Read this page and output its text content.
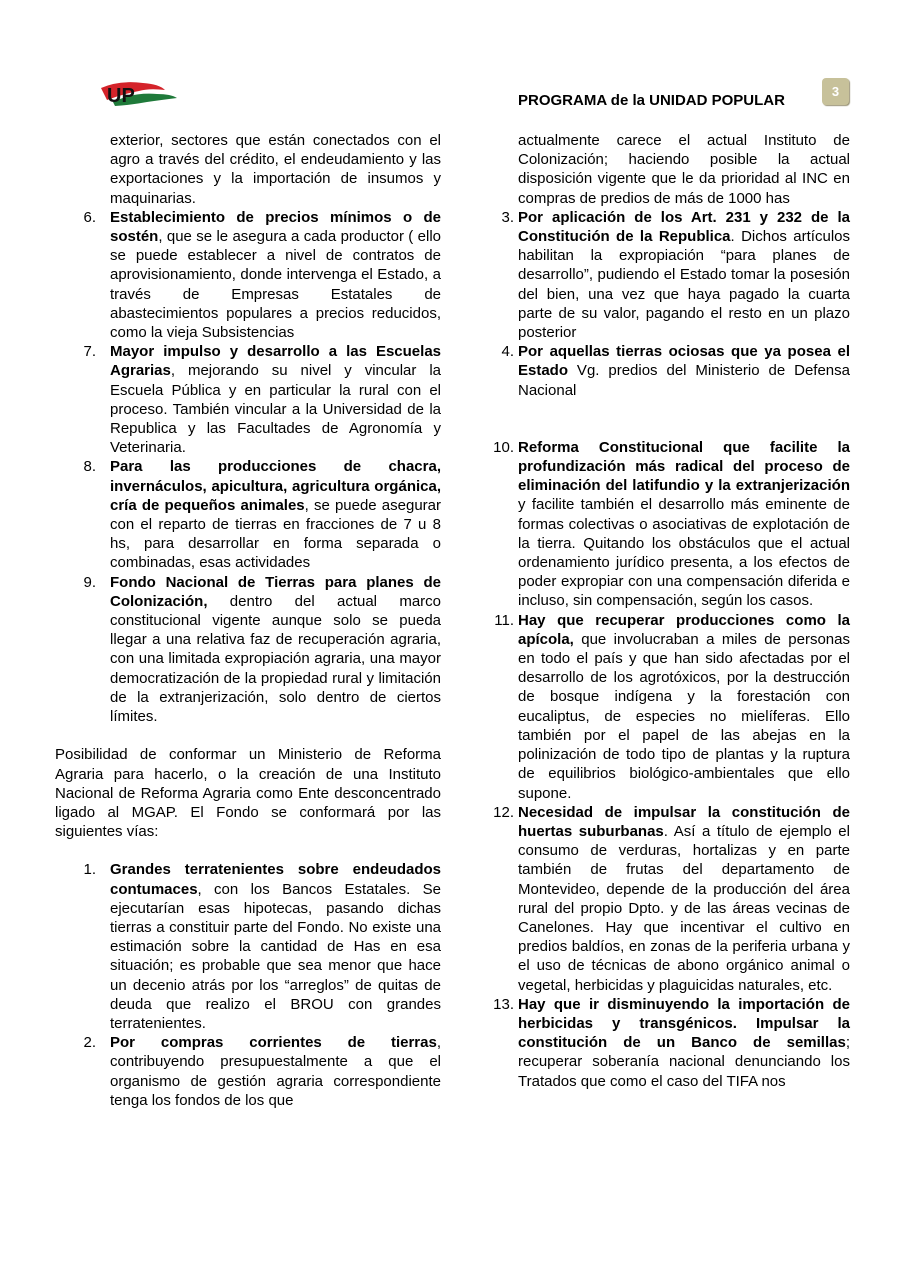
UP	PROGRAMA de la UNIDAD POPULAR
3
exterior, sectores que están conectados con el agro a través del crédito, el endeudamiento y las exportaciones y la importación de insumos y maquinarias.
6. Establecimiento de precios mínimos o de sostén, que se le asegura a cada productor ( ello se puede establecer a nivel de contratos de aprovisionamiento, donde intervenga el Estado, a través de Empresas Estatales de abastecimientos populares a precios reducidos, como la vieja Subsistencias
7. Mayor impulso y desarrollo a las Escuelas Agrarias, mejorando su nivel y vincular la Escuela Pública y en particular la rural con el proceso. También vincular a la Universidad de la Republica y las Facultades de Agronomía y Veterinaria.
8. Para las producciones de chacra, invernáculos, apicultura, agricultura orgánica, cría de pequeños animales, se puede asegurar con el reparto de tierras en fracciones de 7 u 8 hs, para desarrollar en forma separada o combinadas, esas actividades
9. Fondo Nacional de Tierras para planes de Colonización, dentro del actual marco constitucional vigente aunque solo se pueda llegar a una relativa faz de recuperación agraria, con una limitada expropiación agraria, una mayor democratización de la propiedad rural y limitación de la extranjerización, solo dentro de ciertos límites.
Posibilidad de conformar un Ministerio de Reforma Agraria para hacerlo, o la creación de una Instituto Nacional de Reforma Agraria como Ente desconcentrado ligado al MGAP. El Fondo se conformará por las siguientes vías:
1. Grandes terratenientes sobre endeudados contumaces, con los Bancos Estatales. Se ejecutarían esas hipotecas, pasando dichas tierras a constituir parte del Fondo. No existe una estimación sobre la cantidad de Has en esa situación; es probable que sea menor que hace un decenio atrás por los “arreglos” de quitas de deuda que realizo el BROU con grandes terratenientes.
2. Por compras corrientes de tierras, contribuyendo presupuestalmente a que el organismo de gestión agraria correspondiente tenga los fondos de los que
actualmente carece el actual Instituto de Colonización; haciendo posible la actual disposición vigente que le da prioridad al INC en compras de predios de más de 1000 has
3. Por aplicación de los Art. 231 y 232 de la Constitución de la Republica. Dichos artículos habilitan la expropiación “para planes de desarrollo”, pudiendo el Estado tomar la posesión del bien, una vez que haya pagado la cuarta parte de su valor, pagando el resto en un plazo posterior
4. Por aquellas tierras ociosas que ya posea el Estado Vg. predios del Ministerio de Defensa Nacional
10. Reforma Constitucional que facilite la profundización más radical del proceso de eliminación del latifundio y la extranjerización y facilite también el desarrollo más eminente de formas colectivas o asociativas de explotación de la tierra. Quitando los obstáculos que el actual ordenamiento jurídico presenta, a los efectos de poder expropiar con una compensación diferida e incluso, sin compensación, según los casos.
11. Hay que recuperar producciones como la apícola, que involucraban a miles de personas en todo el país y que han sido afectadas por el desarrollo de los agrotóxicos, por la destrucción de bosque indígena y la forestación con eucaliptus, de especies no mielíferas. Ello también por el papel de las abejas en la polinización de todo tipo de plantas y la ruptura de equilibrios biológico-ambientales que ello supone.
12. Necesidad de impulsar la constitución de huertas suburbanas. Así a título de ejemplo el consumo de verduras, hortalizas y en parte también de frutas del departamento de Montevideo, depende de la producción del área rural del propio Dpto. y de las áreas vecinas de Canelones. Hay que incentivar el cultivo en predios baldíos, en zonas de la periferia urbana y el uso de técnicas de abono orgánico animal o vegetal, herbicidas y plaguicidas naturales, etc.
13. Hay que ir disminuyendo la importación de herbicidas y transgénicos. Impulsar la constitución de un Banco de semillas; recuperar soberanía nacional denunciando los Tratados que como el caso del TIFA nos
